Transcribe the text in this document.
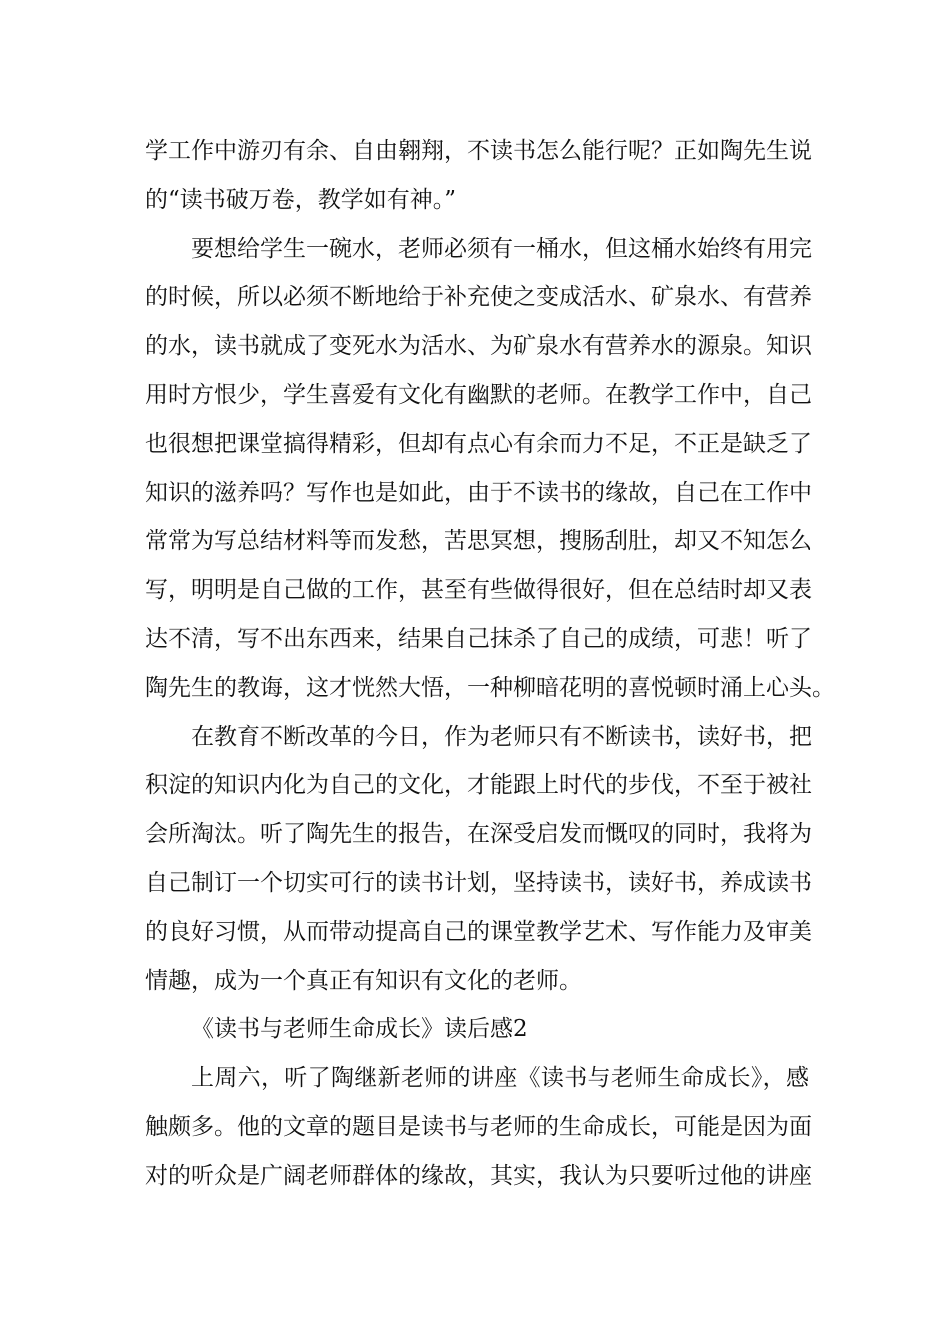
学工作中游刃有余、自由翱翔，不读书怎么能行呢？正如陶先生说
的“读书破万卷，教学如有神。”
要想给学生一碗水，老师必须有一桶水，但这桶水始终有用完
的时候，所以必须不断地给于补充使之变成活水、矿泉水、有营养
的水，读书就成了变死水为活水、为矿泉水有营养水的源泉。知识
用时方恨少，学生喜爱有文化有幽默的老师。在教学工作中，自己
也很想把课堂搞得精彩，但却有点心有余而力不足，不正是缺乏了
知识的滋养吗？写作也是如此，由于不读书的缘故，自己在工作中
常常为写总结材料等而发愁，苦思冥想，搜肠刮肚，却又不知怎么
写，明明是自己做的工作，甚至有些做得很好，但在总结时却又表
达不清，写不出东西来，结果自己抹杀了自己的成绩，可悲！听了
陶先生的教诲，这才恍然大悟，一种柳暗花明的喜悦顿时涌上心头。
在教育不断改革的今日，作为老师只有不断读书，读好书，把
积淀的知识内化为自己的文化，才能跟上时代的步伐，不至于被社
会所淘汰。听了陶先生的报告，在深受启发而慨叹的同时，我将为
自己制订一个切实可行的读书计划，坚持读书，读好书，养成读书
的良好习惯，从而带动提高自己的课堂教学艺术、写作能力及审美
情趣，成为一个真正有知识有文化的老师。
《读书与老师生命成长》读后感2
上周六，听了陶继新老师的讲座《读书与老师生命成长》，感
触颇多。他的文章的题目是读书与老师的生命成长，可能是因为面
对的听众是广阔老师群体的缘故，其实，我认为只要听过他的讲座
